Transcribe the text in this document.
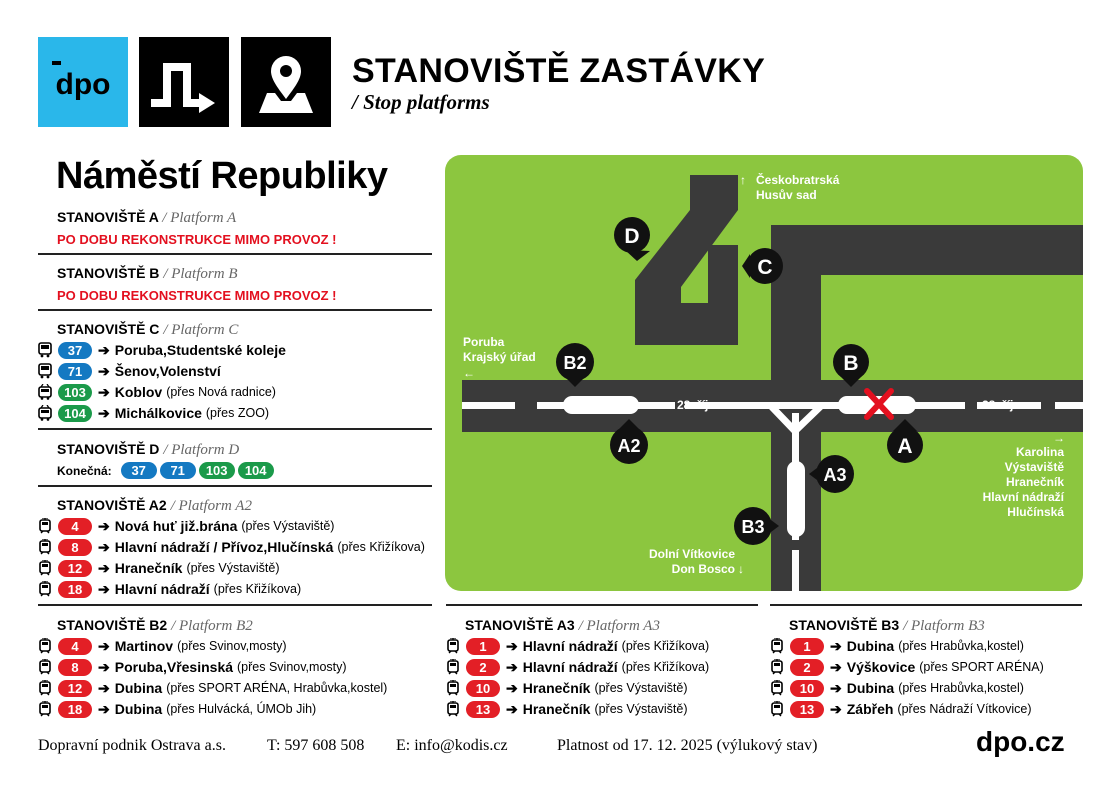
dpo	STANOVIŠTĚ ZASTÁVKY
/ Stop platforms
Náměstí Republiky
STANOVIŠTĚ A / Platform A
PO DOBU REKONSTRUKCE MIMO PROVOZ !
STANOVIŠTĚ B / Platform B
PO DOBU REKONSTRUKCE MIMO PROVOZ !
STANOVIŠTĚ C / Platform C
37	➔ Poruba,Studentské koleje
71	➔ Šenov,Volenství
103 ➔ Koblov (přes Nová radnice)
104 ➔ Michálkovice (přes ZOO)
STANOVIŠTĚ D / Platform D
Konečná:	37 71 103 104
STANOVIŠTĚ A2 / Platform A2
4	➔ Nová huť již.brána (přes Výstaviště)
8	➔ Hlavní nádraží / Přívoz,Hlučínská (přes Křižíkova)
12	➔ Hranečník (přes Výstaviště)
18	➔ Hlavní nádraží (přes Křižíkova)
STANOVIŠTĚ B2 / Platform B2
4	➔ Martinov (přes Svinov,mosty)
8	➔ Poruba,Vřesinská (přes Svinov,mosty)
12	➔ Dubina (přes SPORT ARÉNA, Hrabůvka,kostel)
18	➔ Dubina (přes Hulvácká, ÚMOb Jih)
STANOVIŠTĚ A3 / Platform A3
1	➔ Hlavní nádraží (přes Křižíkova)
2	➔ Hlavní nádraží (přes Křižíkova)
10	➔ Hranečník (přes Výstaviště)
13	➔ Hranečník (přes Výstaviště)
STANOVIŠTĚ B3 / Platform B3
1	➔ Dubina (přes Hrabůvka,kostel)
2	➔ Výškovice (přes SPORT ARÉNA)
10	➔ Dubina (přes Hrabůvka,kostel)
13	➔ Zábřeh (přes Nádraží Vítkovice)
28. října	28. října
↑ Českobratrská
Husův sad
Poruba
Krajský úřad
←
→
Karolina
Výstaviště
Hranečník
Hlavní nádraží
Hlučínská
Dolní Vítkovice
Don Bosco ↓
D
C
B2	B
A2	A
A3
B3
Dopravní podnik Ostrava a.s.	T: 597 608 508 E: info@kodis.cz	Platnost od 17. 12. 2025 (výlukový stav)	dpo.cz
